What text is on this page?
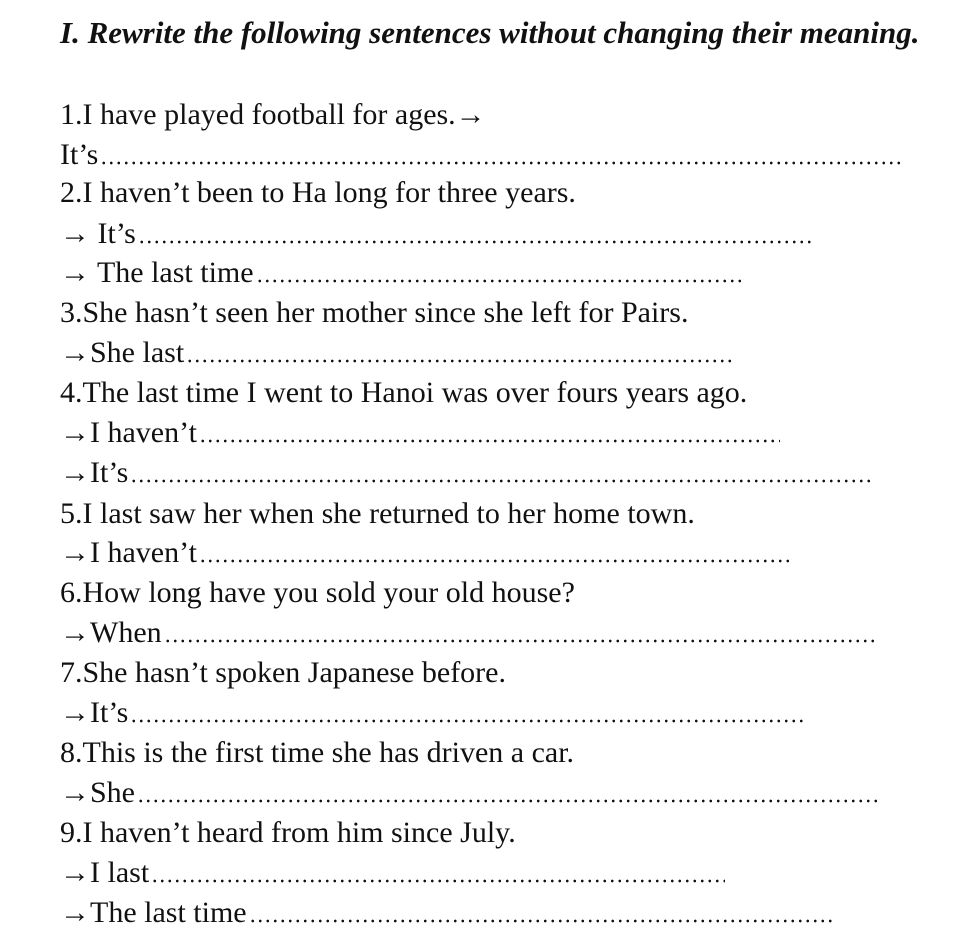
I. Rewrite the following sentences without changing their meaning.
1.I have played football for ages.→
It’s
2.I haven’t been to Ha long for three years.
→ It’s
→ The last time
3.She hasn’t seen her mother since she left for Pairs.
→She last
4.The last time I went to Hanoi was over fours years ago.
→I haven’t
→It’s
5.I last saw her when she returned to her home town.
→I haven’t
6.How long have you sold your old house?
→When
7.She hasn’t spoken Japanese before.
→It’s
8.This is the first time she has driven a car.
→She
9.I haven’t heard from him since July.
→I last
→The last time
